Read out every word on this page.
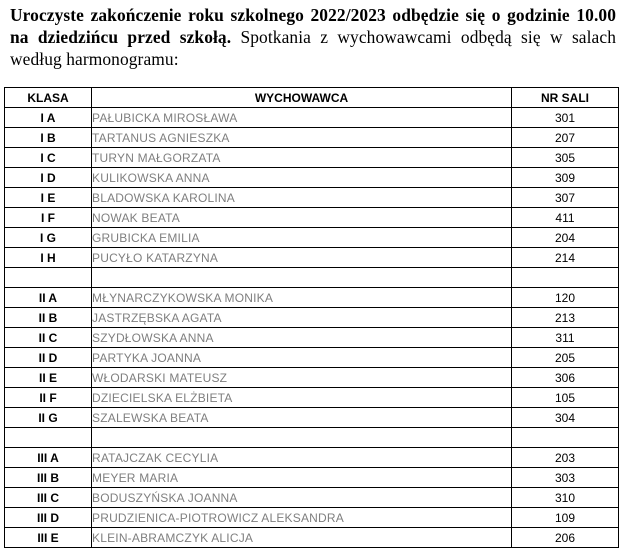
Uroczyste zakończenie roku szkolnego 2022/2023 odbędzie się o godzinie 10.00 na dziedzińcu przed szkołą. Spotkania z wychowawcami odbędą się w salach według harmonogramu:
KLASA	WYCHOWAWCA	NR SALI
I A	PAŁUBICKA MIROSŁAWA	301
I B	TARTANUS AGNIESZKA	207
I C	TURYN MAŁGORZATA	305
I D	KULIKOWSKA ANNA	309
I E	BLADOWSKA KAROLINA	307
I F	NOWAK BEATA	411
I G	GRUBICKA EMILIA	204
I H	PUCYŁO KATARZYNA	214

II A	MŁYNARCZYKOWSKA MONIKA	120
II B	JASTRZĘBSKA AGATA	213
II C	SZYDŁOWSKA ANNA	311
II D	PARTYKA JOANNA	205
II E	WŁODARSKI MATEUSZ	306
II F	DZIECIELSKA ELŻBIETA	105
II G	SZALEWSKA BEATA	304

III A	RATAJCZAK CECYLIA	203
III B	MEYER MARIA	303
III C	BODUSZYŃSKA JOANNA	310
III D	PRUDZIENICA-PIOTROWICZ ALEKSANDRA	109
III E	KLEIN-ABRAMCZYK ALICJA	206
